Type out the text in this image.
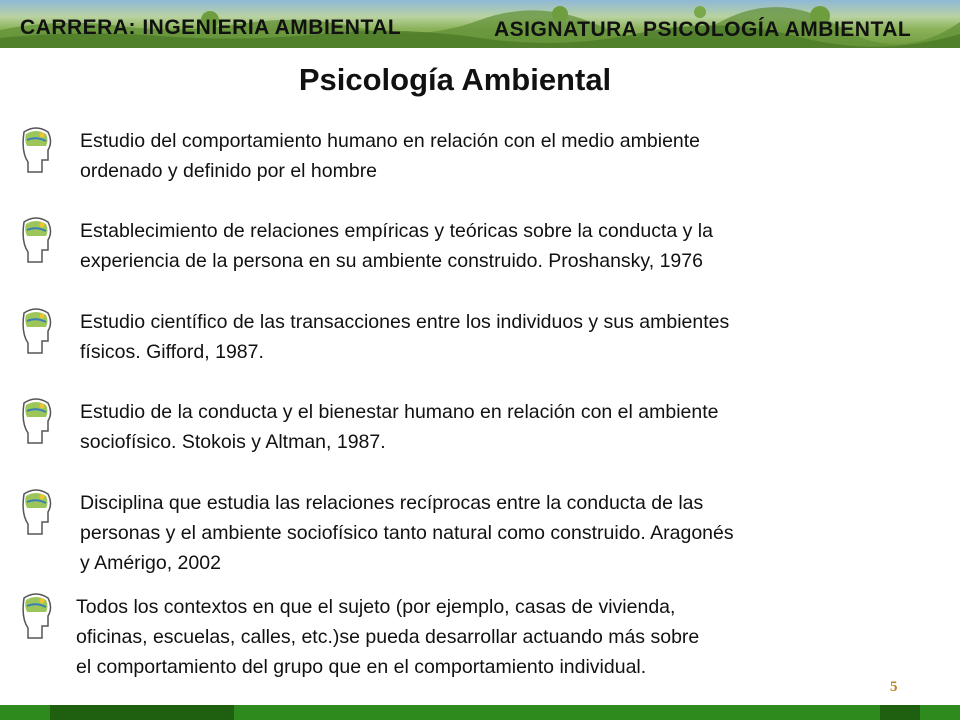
CARRERA: INGENIERIA AMBIENTAL	ASIGNATURA PSICOLOGÍA AMBIENTAL
Psicología Ambiental
Estudio del comportamiento humano en relación con el medio ambiente
ordenado y definido por el hombre
Establecimiento de relaciones empíricas y teóricas sobre la conducta y la
experiencia de la persona en su ambiente construido. Proshansky, 1976
Estudio científico de las transacciones entre los individuos y sus ambientes
físicos. Gifford, 1987.
Estudio de la conducta y el bienestar humano en relación con el ambiente
sociofísico. Stokois y Altman, 1987.
Disciplina que estudia las relaciones recíprocas entre la conducta de las
personas y el ambiente sociofísico tanto natural como construido. Aragonés
y Amérigo, 2002
Todos los contextos en que el sujeto (por ejemplo, casas de vivienda,
oficinas, escuelas, calles, etc.)se pueda desarrollar actuando más sobre
el comportamiento del grupo que en el comportamiento individual.
5
